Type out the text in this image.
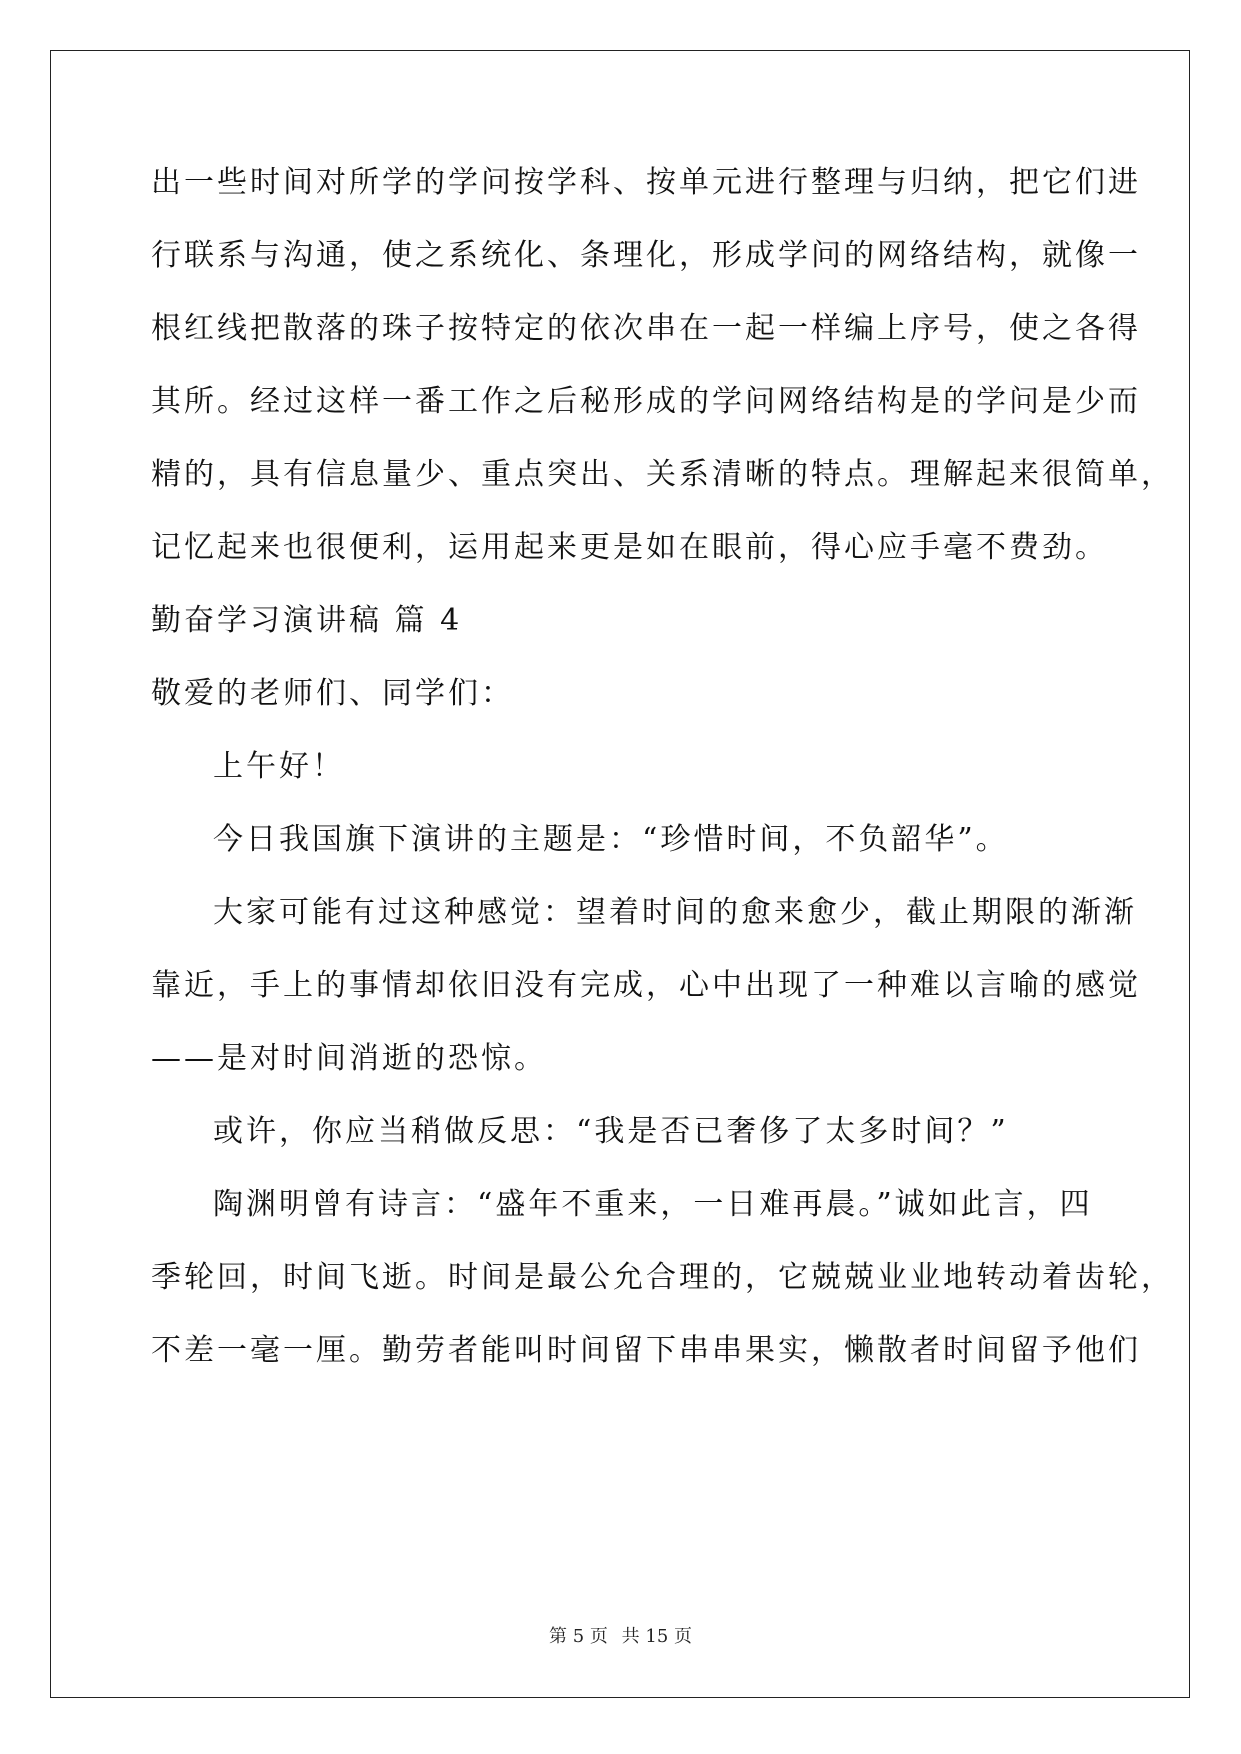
出一些时间对所学的学问按学科、按单元进行整理与归纳，把它们进
行联系与沟通，使之系统化、条理化，形成学问的网络结构，就像一
根红线把散落的珠子按特定的依次串在一起一样编上序号，使之各得
其所。经过这样一番工作之后秘形成的学问网络结构是的学问是少而
精的，具有信息量少、重点突出、关系清晰的特点。理解起来很简单，
记忆起来也很便利，运用起来更是如在眼前，得心应手毫不费劲。
勤奋学习演讲稿 篇 4
敬爱的老师们、同学们：
上午好！
今日我国旗下演讲的主题是：“珍惜时间，不负韶华”。
大家可能有过这种感觉：望着时间的愈来愈少，截止期限的渐渐
靠近，手上的事情却依旧没有完成，心中出现了一种难以言喻的感觉
——是对时间消逝的恐惊。
或许，你应当稍做反思：“我是否已奢侈了太多时间？”
陶渊明曾有诗言：“盛年不重来，一日难再晨。”诚如此言，四
季轮回，时间飞逝。时间是最公允合理的，它兢兢业业地转动着齿轮，
不差一毫一厘。勤劳者能叫时间留下串串果实，懒散者时间留予他们
第 5 页 共 15 页
